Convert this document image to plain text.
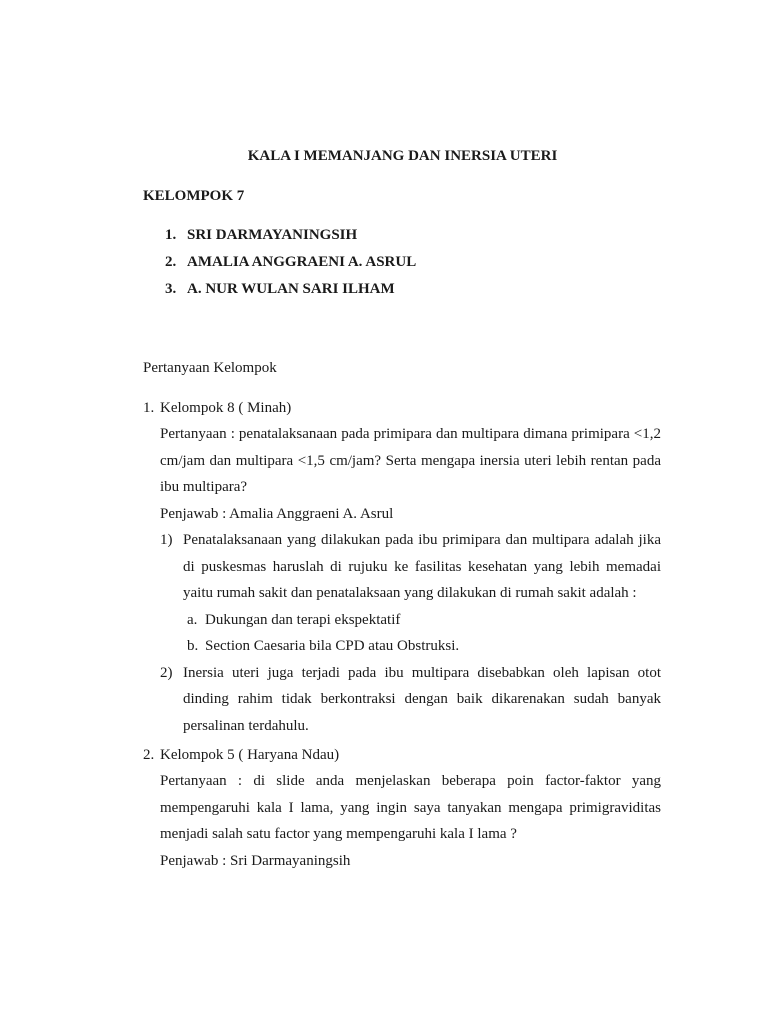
KALA I MEMANJANG DAN INERSIA UTERI
KELOMPOK 7
1. SRI DARMAYANINGSIH
2. AMALIA ANGGRAENI A. ASRUL
3. A. NUR WULAN SARI ILHAM
Pertanyaan Kelompok
1. Kelompok 8 ( Minah)
Pertanyaan : penatalaksanaan pada primipara dan multipara dimana primipara <1,2 cm/jam dan multipara <1,5 cm/jam? Serta mengapa inersia uteri lebih rentan pada ibu multipara?
Penjawab : Amalia Anggraeni A. Asrul
1) Penatalaksanaan yang dilakukan pada ibu primipara dan multipara adalah jika di puskesmas haruslah di rujuku ke fasilitas kesehatan yang lebih memadai yaitu rumah sakit dan penatalaksaan yang dilakukan di rumah sakit adalah :
a. Dukungan dan terapi ekspektatif
b. Section Caesaria bila CPD atau Obstruksi.
2) Inersia uteri juga terjadi pada ibu multipara disebabkan oleh lapisan otot dinding rahim tidak berkontraksi dengan baik dikarenakan sudah banyak persalinan terdahulu.
2. Kelompok 5 ( Haryana Ndau)
Pertanyaan : di slide anda menjelaskan beberapa poin factor-faktor yang mempengaruhi kala I lama, yang ingin saya tanyakan mengapa primigraviditas menjadi salah satu factor yang mempengaruhi kala I lama ?
Penjawab : Sri Darmayaningsih
